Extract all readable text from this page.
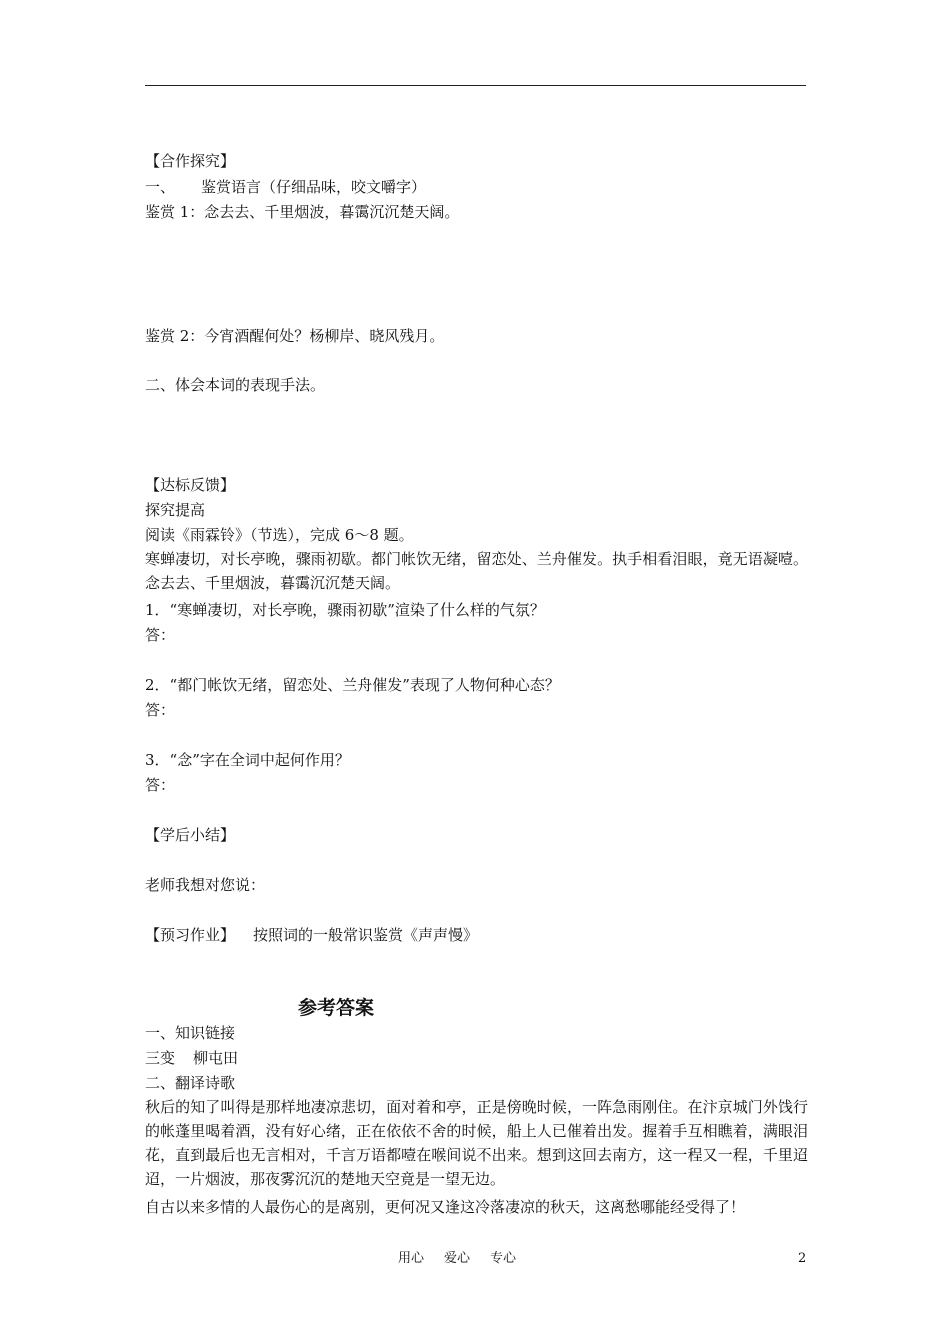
【合作探究】
一、 鉴赏语言（仔细品味，咬文嚼字）
鉴赏 1：念去去、千里烟波，暮霭沉沉楚天阔。
鉴赏 2：今宵酒醒何处？杨柳岸、晓风残月。
二、体会本词的表现手法。
【达标反馈】
探究提高
阅读《雨霖铃》（节选），完成 6～8 题。
寒蝉凄切，对长亭晚，骤雨初歇。都门帐饮无绪，留恋处、兰舟催发。执手相看泪眼，竟无语凝噎。念去去、千里烟波，暮霭沉沉楚天阔。
1．“寒蝉凄切，对长亭晚，骤雨初歇”渲染了什么样的气氛？
答：
2．“都门帐饮无绪，留恋处、兰舟催发”表现了人物何种心态？
答：
3．“念”字在全词中起何作用？
答：
【学后小结】
老师我想对您说：
【预习作业】 按照词的一般常识鉴赏《声声慢》
参考答案
一、知识链接
三变 柳屯田
二、翻译诗歌
秋后的知了叫得是那样地凄凉悲切，面对着和亭，正是傍晚时候，一阵急雨刚住。在汴京城门外饯行的帐蓬里喝着酒，没有好心绪，正在依依不舍的时候，船上人已催着出发。握着手互相瞧着，满眼泪花，直到最后也无言相对，千言万语都噎在喉间说不出来。想到这回去南方，这一程又一程，千里迢迢，一片烟波，那夜雾沉沉的楚地天空竟是一望无边。
自古以来多情的人最伤心的是离别，更何况又逢这冷落凄凉的秋天，这离愁哪能经受得了！
用心 爱心 专心	2
